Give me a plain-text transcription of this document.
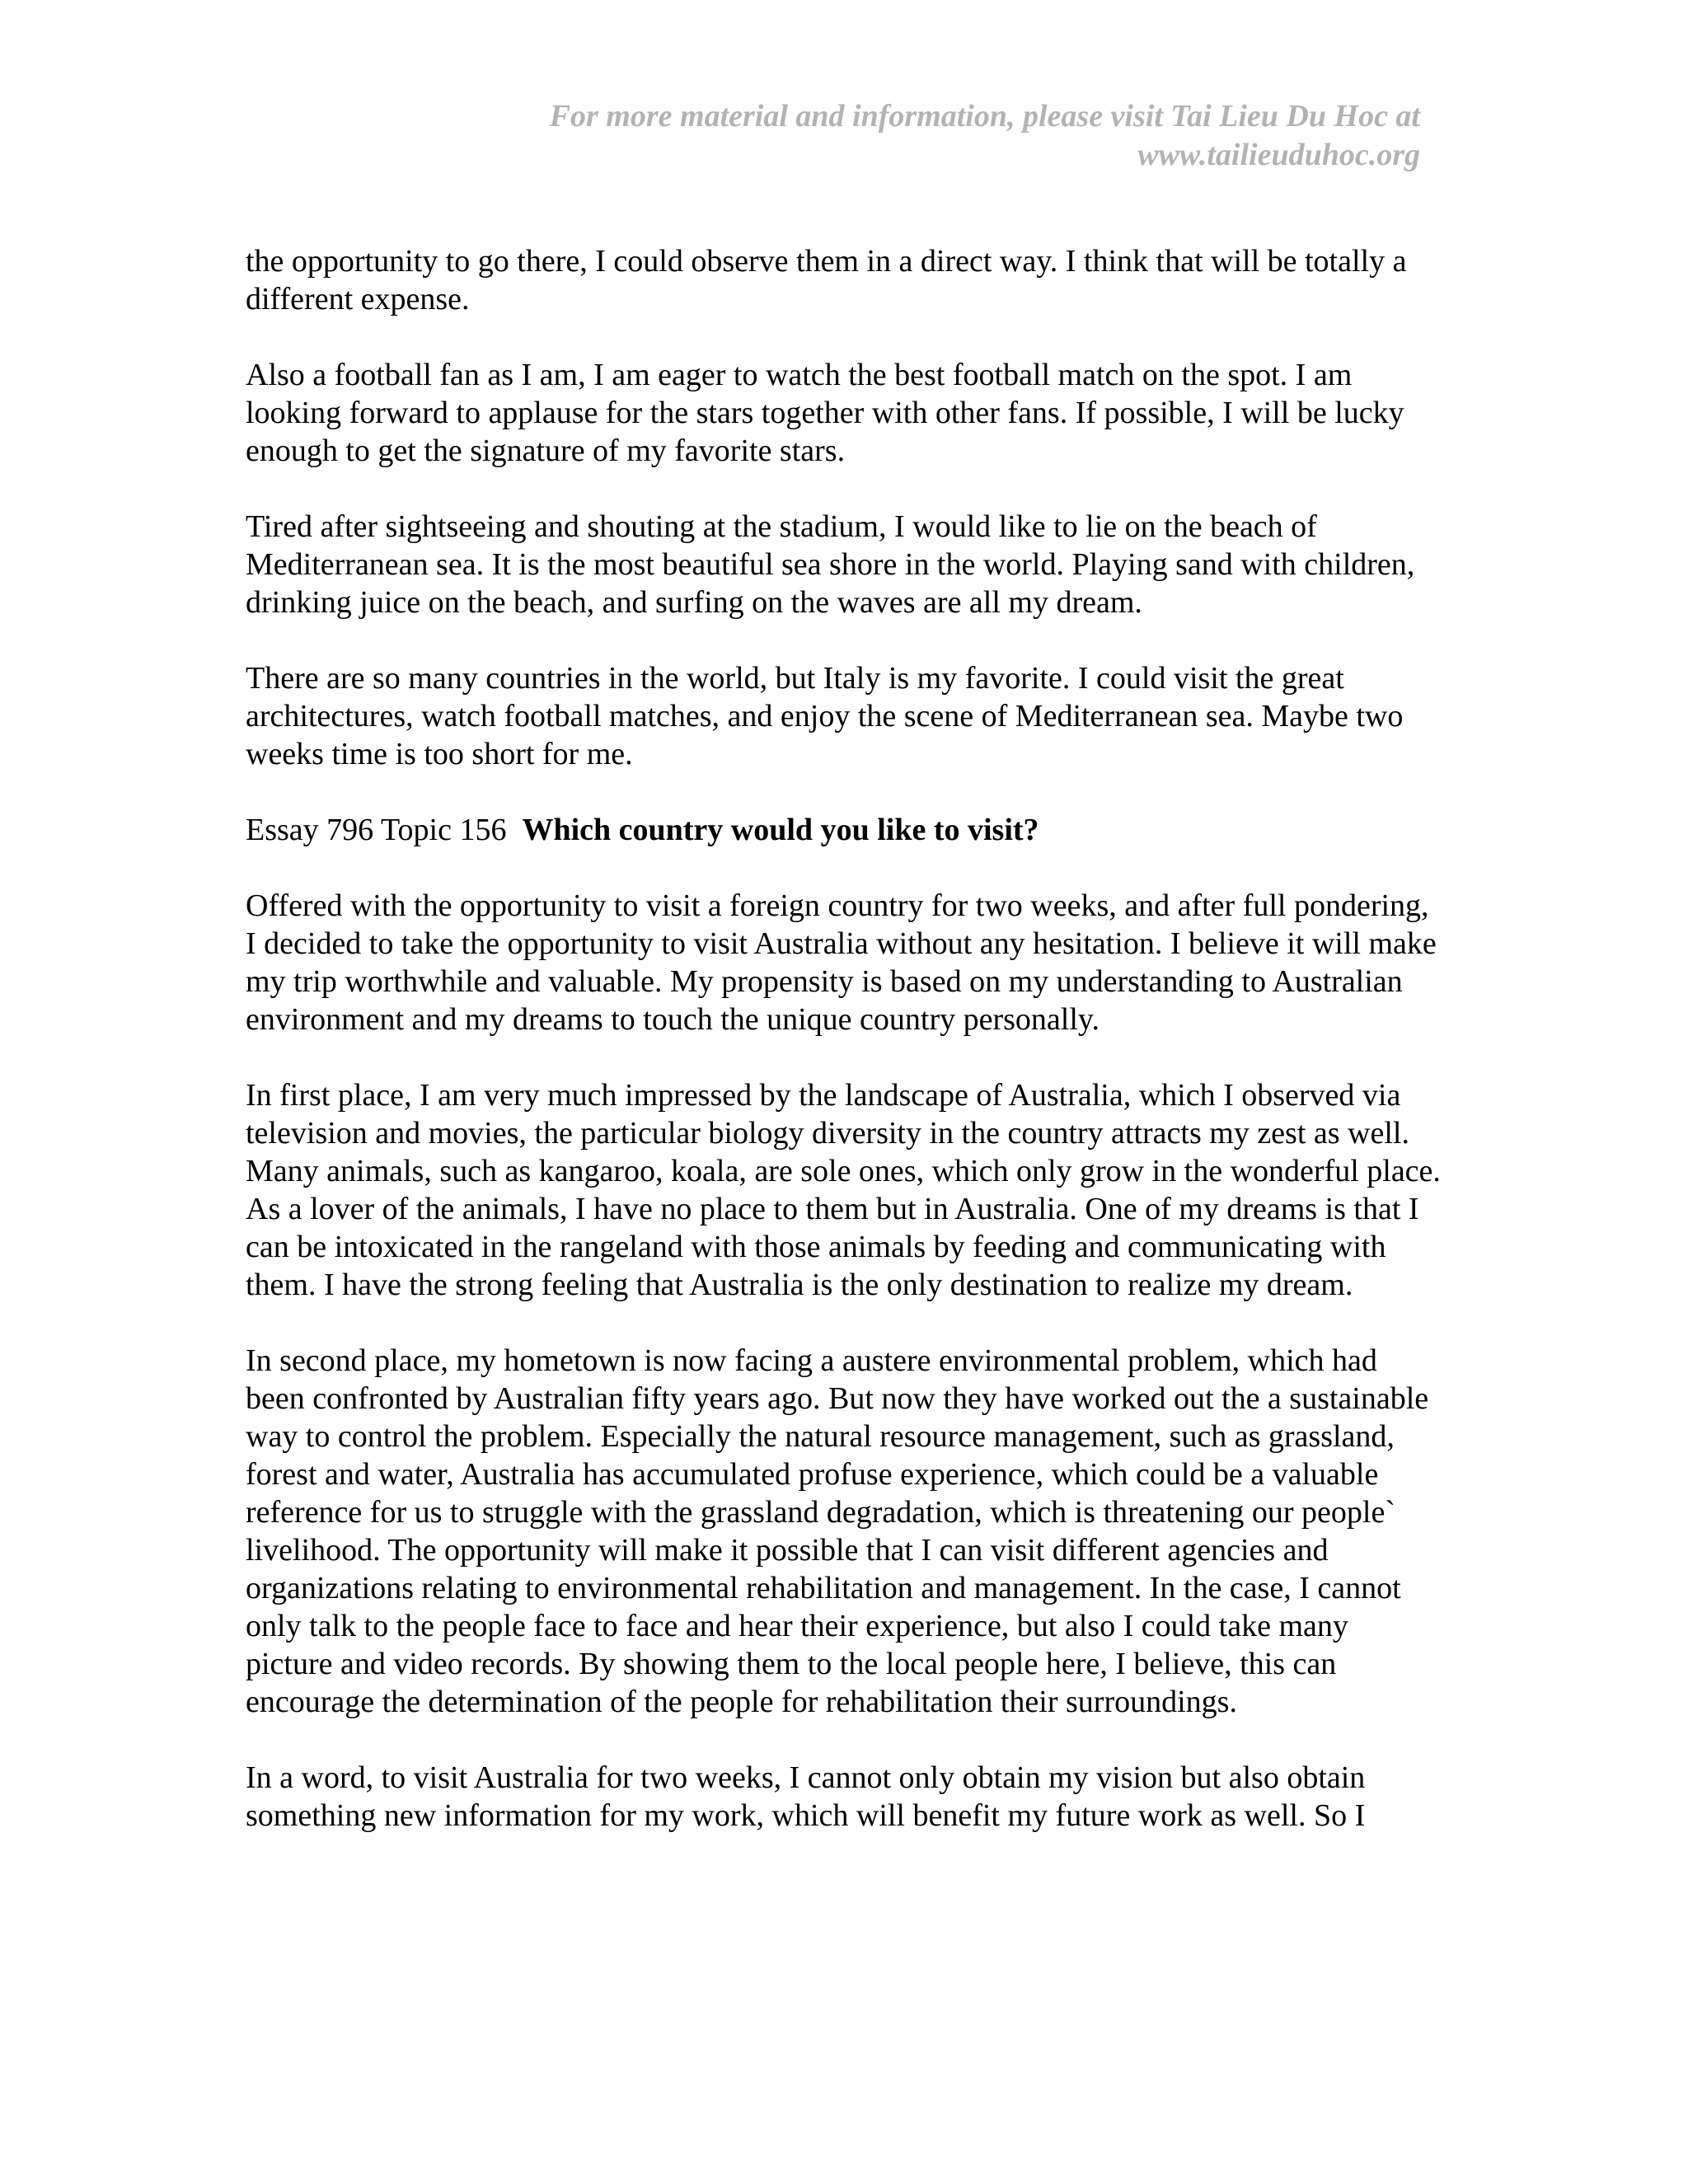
For more material and information, please visit Tai Lieu Du Hoc at
www.tailieuduhoc.org

the opportunity to go there, I could observe them in a direct way. I think that will be totally a different expense.

Also a football fan as I am, I am eager to watch the best football match on the spot. I am looking forward to applause for the stars together with other fans. If possible, I will be lucky enough to get the signature of my favorite stars.

Tired after sightseeing and shouting at the stadium, I would like to lie on the beach of Mediterranean sea. It is the most beautiful sea shore in the world. Playing sand with children, drinking juice on the beach, and surfing on the waves are all my dream.

There are so many countries in the world, but Italy is my favorite. I could visit the great architectures, watch football matches, and enjoy the scene of Mediterranean sea. Maybe two weeks time is too short for me.

Essay 796 Topic 156 Which country would you like to visit?

Offered with the opportunity to visit a foreign country for two weeks, and after full pondering, I decided to take the opportunity to visit Australia without any hesitation. I believe it will make my trip worthwhile and valuable. My propensity is based on my understanding to Australian environment and my dreams to touch the unique country personally.

In first place, I am very much impressed by the landscape of Australia, which I observed via television and movies, the particular biology diversity in the country attracts my zest as well. Many animals, such as kangaroo, koala, are sole ones, which only grow in the wonderful place. As a lover of the animals, I have no place to them but in Australia. One of my dreams is that I can be intoxicated in the rangeland with those animals by feeding and communicating with them. I have the strong feeling that Australia is the only destination to realize my dream.

In second place, my hometown is now facing a austere environmental problem, which had been confronted by Australian fifty years ago. But now they have worked out the a sustainable way to control the problem. Especially the natural resource management, such as grassland, forest and water, Australia has accumulated profuse experience, which could be a valuable reference for us to struggle with the grassland degradation, which is threatening our people` livelihood. The opportunity will make it possible that I can visit different agencies and organizations relating to environmental rehabilitation and management. In the case, I cannot only talk to the people face to face and hear their experience, but also I could take many picture and video records. By showing them to the local people here, I believe, this can encourage the determination of the people for rehabilitation their surroundings.

In a word, to visit Australia for two weeks, I cannot only obtain my vision but also obtain something new information for my work, which will benefit my future work as well. So I
